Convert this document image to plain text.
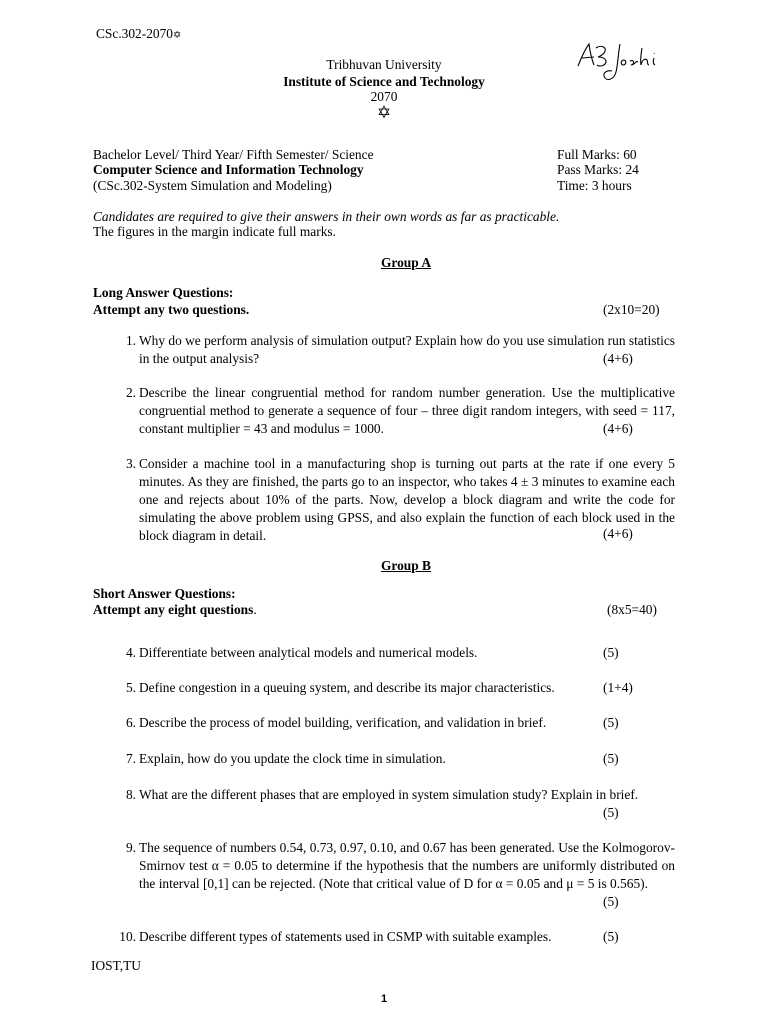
CSc.302-2070✡
Tribhuvan University
Institute of Science and Technology
2070
✡
Bachelor Level/ Third Year/ Fifth Semester/ Science
Computer Science and Information Technology
(CSc.302-System Simulation and Modeling)
Full Marks: 60
Pass Marks: 24
Time: 3 hours
Candidates are required to give their answers in their own words as far as practicable.
The figures in the margin indicate full marks.
Group A
Long Answer Questions:
Attempt any two questions.	(2x10=20)
1. Why do we perform analysis of simulation output? Explain how do you use simulation run statistics in the output analysis?	(4+6)
2. Describe the linear congruential method for random number generation. Use the multiplicative congruential method to generate a sequence of four – three digit random integers, with seed = 117, constant multiplier = 43 and modulus = 1000.	(4+6)
3. Consider a machine tool in a manufacturing shop is turning out parts at the rate if one every 5 minutes. As they are finished, the parts go to an inspector, who takes 4 ± 3 minutes to examine each one and rejects about 10% of the parts. Now, develop a block diagram and write the code for simulating the above problem using GPSS, and also explain the function of each block used in the block diagram in detail.	(4+6)
Group B
Short Answer Questions:
Attempt any eight questions.	(8x5=40)
4. Differentiate between analytical models and numerical models.	(5)
5. Define congestion in a queuing system, and describe its major characteristics.	(1+4)
6. Describe the process of model building, verification, and validation in brief.	(5)
7. Explain, how do you update the clock time in simulation.	(5)
8. What are the different phases that are employed in system simulation study? Explain in brief.
(5)
9. The sequence of numbers 0.54, 0.73, 0.97, 0.10, and 0.67 has been generated. Use the Kolmogorov-Smirnov test α = 0.05 to determine if the hypothesis that the numbers are uniformly distributed on the interval [0,1] can be rejected. (Note that critical value of D for α = 0.05 and μ = 5 is 0.565).
(5)
10. Describe different types of statements used in CSMP with suitable examples.	(5)
IOST,TU
1
